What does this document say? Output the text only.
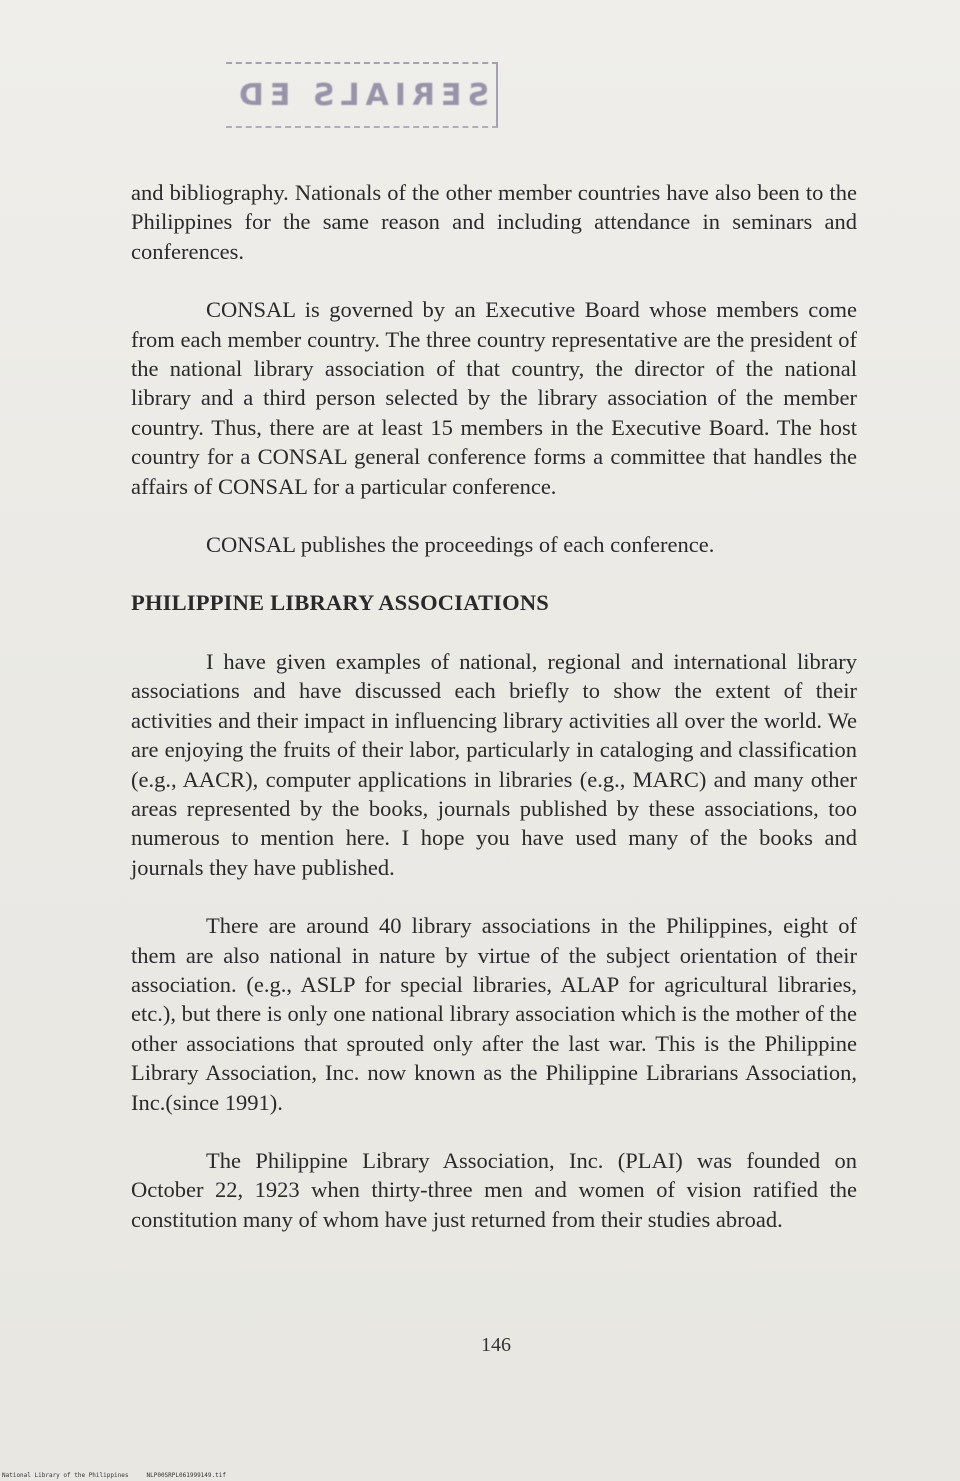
SERIALS ED

and bibliography. Nationals of the other member countries have also been to the Philippines for the same reason and including attendance in seminars and conferences.

CONSAL is governed by an Executive Board whose members come from each member country. The three country representative are the president of the national library association of that country, the director of the national library and a third person selected by the library association of the member country. Thus, there are at least 15 members in the Executive Board. The host country for a CONSAL general conference forms a committee that handles the affairs of CONSAL for a particular conference.

CONSAL publishes the proceedings of each conference.

PHILIPPINE LIBRARY ASSOCIATIONS

I have given examples of national, regional and international library associations and have discussed each briefly to show the extent of their activities and their impact in influencing library activities all over the world. We are enjoying the fruits of their labor, particularly in cataloging and classification (e.g., AACR), computer applications in libraries (e.g., MARC) and many other areas represented by the books, journals published by these associations, too numerous to mention here. I hope you have used many of the books and journals they have published.

There are around 40 library associations in the Philippines, eight of them are also national in nature by virtue of the subject orientation of their association. (e.g., ASLP for special libraries, ALAP for agricultural libraries, etc.), but there is only one national library association which is the mother of the other associations that sprouted only after the last war. This is the Philippine Library Association, Inc. now known as the Philippine Librarians Association, Inc.(since 1991).

The Philippine Library Association, Inc. (PLAI) was founded on October 22, 1923 when thirty-three men and women of vision ratified the constitution many of whom have just returned from their studies abroad.

146
National Library of the Philippines     NLP00SRPL061999149.tif
